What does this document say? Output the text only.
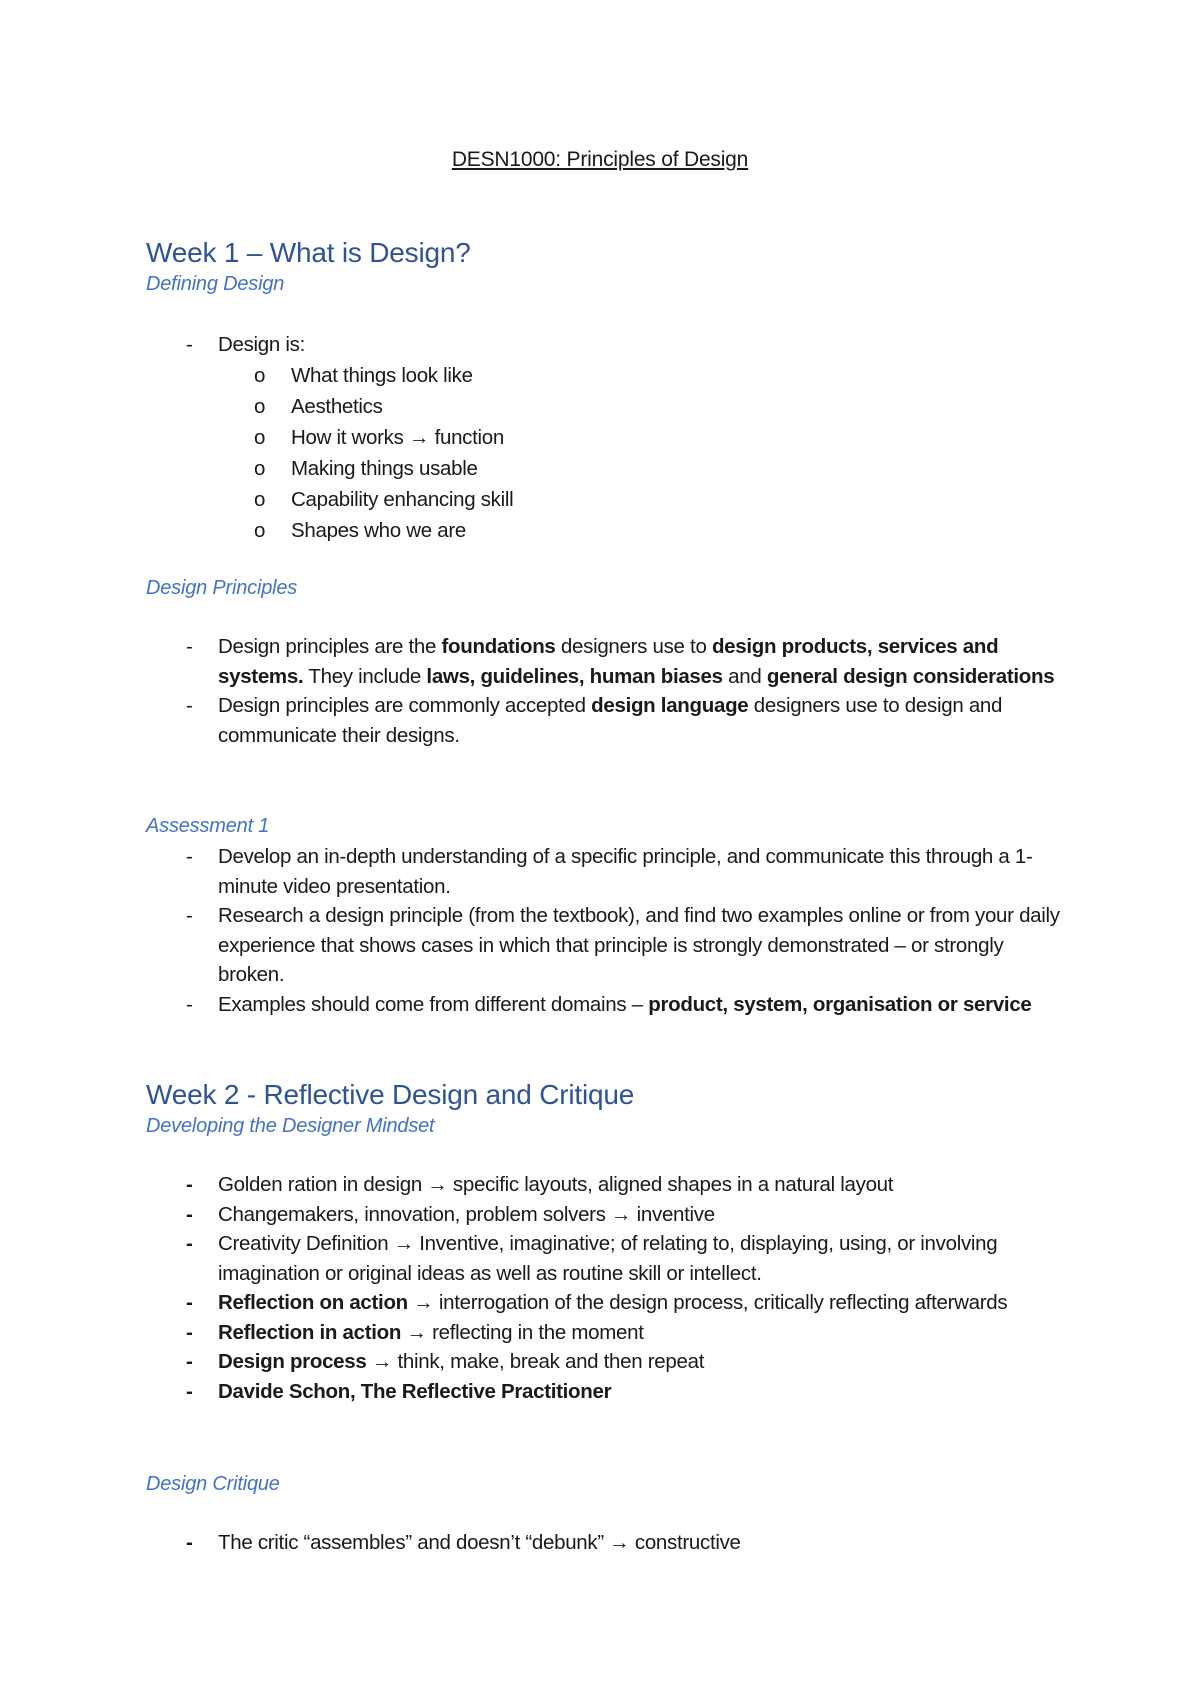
DESN1000: Principles of Design
Week 1 – What is Design?

Defining Design

- Design is:
o What things look like
o Aesthetics
o How it works → function
o Making things usable
o Capability enhancing skill
o Shapes who we are

Design Principles

- Design principles are the foundations designers use to design products, services and systems. They include laws, guidelines, human biases and general design considerations
- Design principles are commonly accepted design language designers use to design and communicate their designs.

Assessment 1

- Develop an in-depth understanding of a specific principle, and communicate this through a 1-minute video presentation.
- Research a design principle (from the textbook), and find two examples online or from your daily experience that shows cases in which that principle is strongly demonstrated – or strongly broken.
- Examples should come from different domains – product, system, organisation or service
Week 2 - Reflective Design and Critique

Developing the Designer Mindset

- Golden ration in design → specific layouts, aligned shapes in a natural layout
- Changemakers, innovation, problem solvers → inventive
- Creativity Definition → Inventive, imaginative; of relating to, displaying, using, or involving imagination or original ideas as well as routine skill or intellect.
- Reflection on action → interrogation of the design process, critically reflecting afterwards
- Reflection in action → reflecting in the moment
- Design process → think, make, break and then repeat
- Davide Schon, The Reflective Practitioner

Design Critique

- The critic “assembles” and doesn’t “debunk” → constructive
